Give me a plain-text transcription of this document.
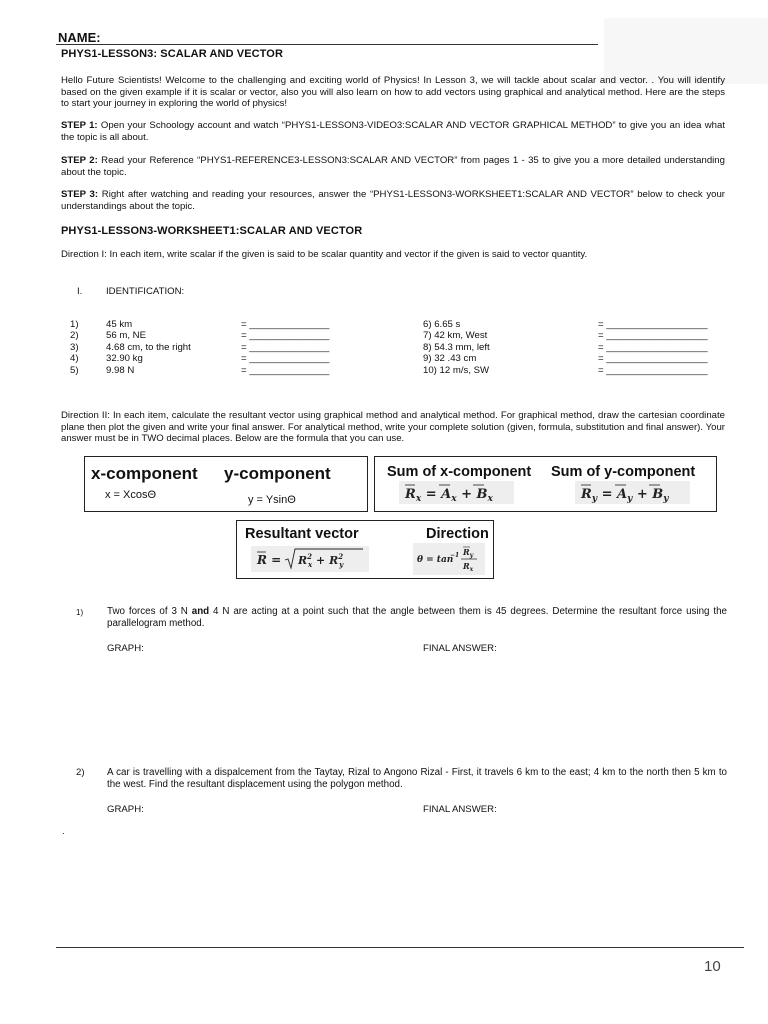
NAME:
PHYS1-LESSON3: SCALAR AND VECTOR
Hello Future Scientists! Welcome to the challenging and exciting world of Physics! In Lesson 3, we will tackle about scalar and vector. . You will identify based on the given example if it is scalar or vector, also you will also learn on how to add vectors using graphical and analytical method. Here are the steps to start your journey in exploring the world of physics!
STEP 1: Open your Schoology account and watch “PHYS1-LESSON3-VIDEO3:SCALAR AND VECTOR GRAPHICAL METHOD” to give you an idea what the topic is all about.
STEP 2: Read your Reference “PHYS1-REFERENCE3-LESSON3:SCALAR AND VECTOR” from pages 1 - 35 to give you a more detailed understanding about the topic.
STEP 3: Right after watching and reading your resources, answer the “PHYS1-LESSON3-WORKSHEET1:SCALAR AND VECTOR” below to check your understandings about the topic.
PHYS1-LESSON3-WORKSHEET1:SCALAR AND VECTOR
Direction I: In each item, write scalar if the given is said to be scalar quantity and vector if the given is said to vector quantity.
I. IDENTIFICATION:
1)	45 km	= _______________	6) 6.65 s	= ___________________
2)	56 m, NE	= _______________	7) 42 km, West	= ___________________
3)	4.68 cm, to the right	= _______________	8) 54.3 mm, left	= ___________________
4)	32.90 kg	= _______________	9) 32 .43 cm	= ___________________
5)	9.98 N	= _______________	10) 12 m/s, SW	= ___________________
Direction II: In each item, calculate the resultant vector using graphical method and analytical method. For graphical method, draw the cartesian coordinate plane then plot the given and write your final answer. For analytical method, write your complete solution (given, formula, substitution and final answer). Your answer must be in TWO decimal places. Below are the formula that you can use.
x-component y-component
x = XcosΘ	y = YsinΘ
Sum of x-component Sum of y-component
$R_x = A_x + B_x$	$R_y = A_y + B_y$
Resultant vector	Direction
$R = R^2$ $x + R^2$ y	θ = tan
−1 $R_y$
$R_x$
1) Two forces of 3 N and 4 N are acting at a point such that the angle between them is 45 degrees. Determine the resultant force using the parallelogram method.
GRAPH:	FINAL ANSWER:
2) A car is travelling with a dispalcement from the Taytay, Rizal to Angono Rizal - First, it travels 6 km to the east; 4 km to the north then 5 km to the west. Find the resultant displacement using the polygon method.
GRAPH:	FINAL ANSWER:
.
10
